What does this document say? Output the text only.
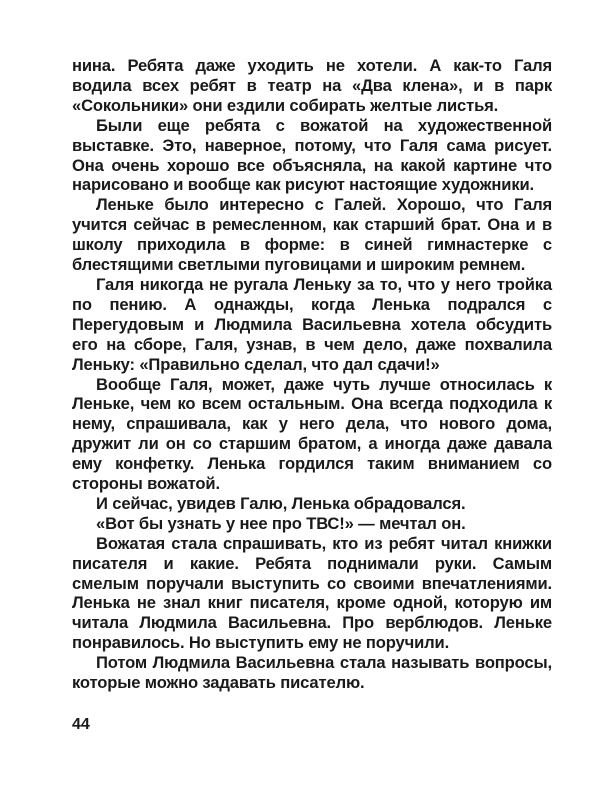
нина. Ребята даже уходить не хотели. А как-то Галя водила всех ребят в театр на «Два клена», и в парк «Сокольники» они ездили собирать желтые листья.

Были еще ребята с вожатой на художественной выставке. Это, наверное, потому, что Галя сама рисует. Она очень хорошо все объясняла, на какой картине что нарисовано и вообще как рисуют настоящие художники.

Леньке было интересно с Галей. Хорошо, что Галя учится сейчас в ремесленном, как старший брат. Она и в школу приходила в форме: в синей гимнастерке с блестящими светлыми пуговицами и широким ремнем.

Галя никогда не ругала Леньку за то, что у него тройка по пению. А однажды, когда Ленька подрался с Перегудовым и Людмила Васильевна хотела обсудить его на сборе, Галя, узнав, в чем дело, даже похвалила Леньку: «Правильно сделал, что дал сдачи!»

Вообще Галя, может, даже чуть лучше относилась к Леньке, чем ко всем остальным. Она всегда подходила к нему, спрашивала, как у него дела, что нового дома, дружит ли он со старшим братом, а иногда даже давала ему конфетку. Ленька гордился таким вниманием со стороны вожатой.

И сейчас, увидев Галю, Ленька обрадовался.

«Вот бы узнать у нее про ТВС!» — мечтал он.

Вожатая стала спрашивать, кто из ребят читал книжки писателя и какие. Ребята поднимали руки. Самым смелым поручали выступить со своими впечатлениями. Ленька не знал книг писателя, кроме одной, которую им читала Людмила Васильевна. Про верблюдов. Леньке понравилось. Но выступить ему не поручили.

Потом Людмила Васильевна стала называть вопросы, которые можно задавать писателю.

44
